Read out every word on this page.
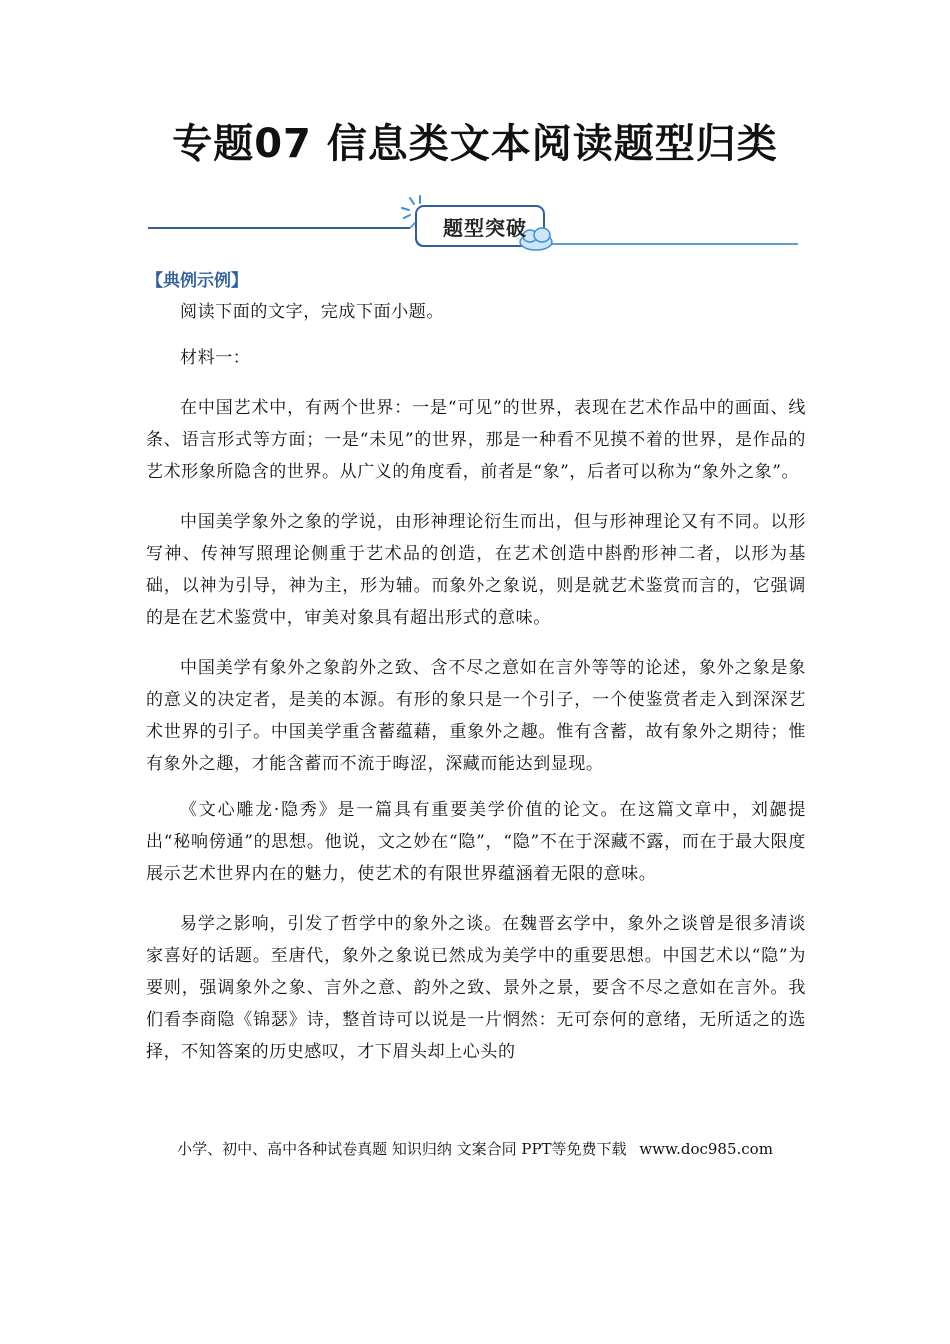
专题07 信息类文本阅读题型归类
题型突破
【典例示例】

阅读下面的文字，完成下面小题。

材料一：

在中国艺术中，有两个世界：一是“可见”的世界，表现在艺术作品中的画面、线条、语言形式等方面；一是“未见”的世界，那是一种看不见摸不着的世界，是作品的艺术形象所隐含的世界。从广义的角度看，前者是“象”，后者可以称为“象外之象”。

中国美学象外之象的学说，由形神理论衍生而出，但与形神理论又有不同。以形写神、传神写照理论侧重于艺术品的创造，在艺术创造中斟酌形神二者，以形为基础，以神为引导，神为主，形为辅。而象外之象说，则是就艺术鉴赏而言的，它强调的是在艺术鉴赏中，审美对象具有超出形式的意味。

中国美学有象外之象韵外之致、含不尽之意如在言外等等的论述，象外之象是象的意义的决定者，是美的本源。有形的象只是一个引子，一个使鉴赏者走入到深深艺术世界的引子。中国美学重含蓄蕴藉，重象外之趣。惟有含蓄，故有象外之期待；惟有象外之趣，才能含蓄而不流于晦涩，深藏而能达到显现。

《文心雕龙·隐秀》是一篇具有重要美学价值的论文。在这篇文章中，刘勰提出“秘响傍通”的思想。他说，文之妙在“隐”，“隐”不在于深藏不露，而在于最大限度展示艺术世界内在的魅力，使艺术的有限世界蕴涵着无限的意味。

易学之影响，引发了哲学中的象外之谈。在魏晋玄学中，象外之谈曾是很多清谈家喜好的话题。至唐代，象外之象说已然成为美学中的重要思想。中国艺术以“隐”为要则，强调象外之象、言外之意、韵外之致、景外之景，要含不尽之意如在言外。我们看李商隐《锦瑟》诗，整首诗可以说是一片惘然：无可奈何的意绪，无所适之的选择，不知答案的历史感叹，才下眉头却上心头的

小学、初中、高中各种试卷真题 知识归纳 文案合同 PPT等免费下载 www.doc985.com
